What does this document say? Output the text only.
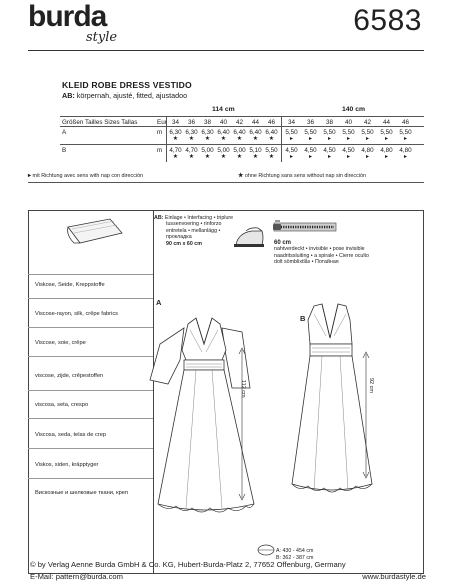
burda
style
6583
KLEID ROBE DRESS VESTIDO
AB: körpernah, ajusté, fitted, ajustadoo
114 cm	140 cm
Größen Tailles Sizes Tallas	Eur 34	36	38	40	42	44	46	34	36	38	40	42	44	46
A	m 6,30 6,30 6,30 6,40 6,40 6,40 6,40 5,50 5,50 5,50 5,50 5,50 5,50 5,50
★	★	★	★	★	★	★	▸	▸	▸	▸	▸	▸	▸
B	m 4,70 4,70 5,00 5,00 5,00 5,10 5,50 4,50 4,50 4,50 4,50 4,80 4,80 4,80
★	★	★	★	★	★	★	▸	▸	▸	▸	▸	▸	▸
▸ mit Richtung avec sens with nap con dirección	★ ohne Richtung sans sens without nap sin dirección
Viskose, Seide, Kreppstoffe
Viscose-rayon, silk, crêpe fabrics
Viscose, soie, crêpe
viscose, zijde, crêpestoffen
viscosa, seta, crespo
Viscosa, seda, telas de crep
Viskos, siden, kräpptyger
Вискозные и шелковые ткани, креп
AB: Einlage • Interfacing • triplure
tussenvoering • rinforzo
entretela • mellanlägg •
прокладка
90 cm x 60 cm	60 cm
nahtverdeckt • invisible • pose invisible
naadritssluiting • a spirale • Cierre oculto
dolt sömblixtlås • Потайная
A
112 cm
B
92 cm
A: 430 - 454 cm
B: 362 - 387 cm
© by Verlag Aenne Burda GmbH & Co. KG, Hubert-Burda-Platz 2, 77652 Offenburg, Germany
E-Mail: pattern@burda.com	www.burdastyle.de
